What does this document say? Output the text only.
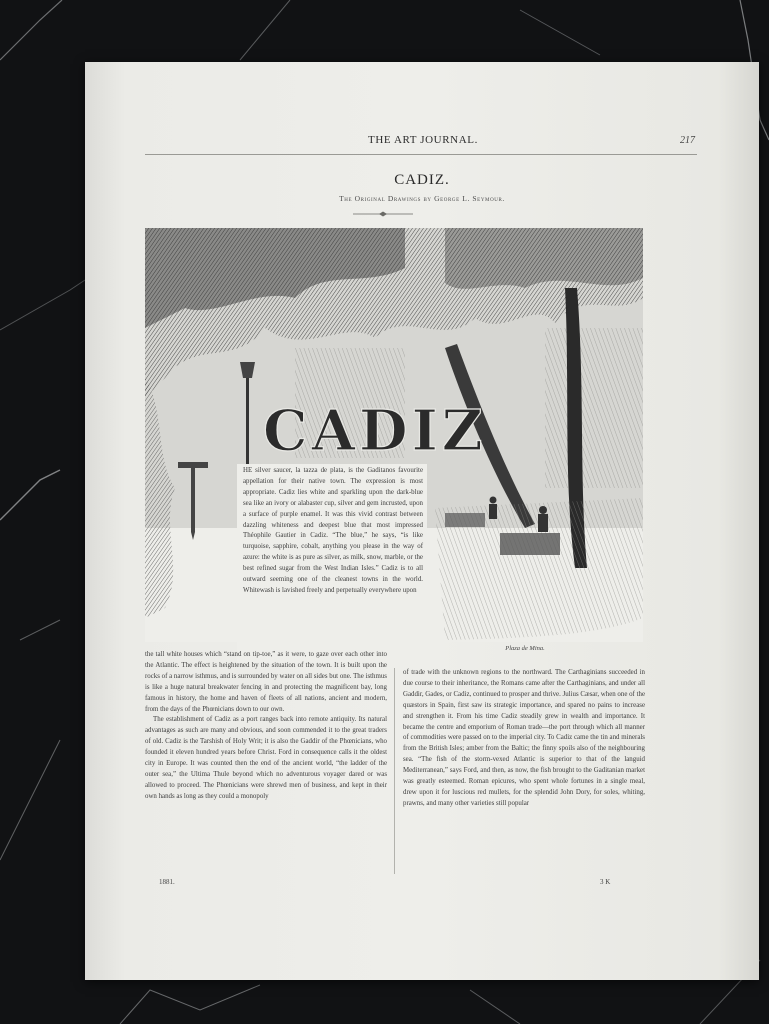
THE ART JOURNAL.	217
CADIZ.
The Original Drawings by George L. Seymour.
CADIZ
Plaza de Mina.
T
HE silver saucer, la tazza de plata, is the Gaditanos favourite appellation for their native town. The expression is most appropriate. Cadiz lies white and sparkling upon the dark-blue sea like an ivory or alabaster cup, silver and gem incrusted, upon a surface of purple enamel. It was this vivid contrast between dazzling whiteness and deepest blue that most impressed Théophile Gautier in Cadiz. “The blue,” he says, “is like turquoise, sapphire, cobalt, anything you please in the way of azure: the white is as pure as silver, as milk, snow, marble, or the best refined sugar from the West Indian Isles.” Cadiz is to all outward seeming one of the cleanest towns in the world. Whitewash is lavished freely and perpetually everywhere upon

the tall white houses which “stand on tip-toe,” as it were, to gaze over each other into the Atlantic. The effect is heightened by the situation of the town. It is built upon the rocks of a narrow isthmus, and is surrounded by water on all sides but one. The isthmus is like a huge natural breakwater fencing in and protecting the magnificent bay, long famous in history, the home and haven of fleets of all nations, ancient and modern, from the days of the Phœnicians down to our own.

The establishment of Cadiz as a port ranges back into remote antiquity. Its natural advantages as such are many and obvious, and soon commended it to the great traders of old. Cadiz is the Tarshish of Holy Writ; it is also the Gaddir of the Phœnicians, who founded it eleven hundred years before Christ. Ford in consequence calls it the oldest city in Europe. It was counted then the end of the ancient world, “the ladder of the outer sea,” the Ultima Thule beyond which no adventurous voyager dared or was allowed to proceed. The Phœnicians were shrewd men of business, and kept in their own hands as long as they could a monopoly

of trade with the unknown regions to the northward. The Carthaginians succeeded in due course to their inheritance, the Romans came after the Carthaginians, and under all Gaddir, Gades, or Cadiz, continued to prosper and thrive. Julius Cæsar, when one of the quæstors in Spain, first saw its strategic importance, and spared no pains to increase and strengthen it. From his time Cadiz steadily grew in wealth and importance. It became the centre and emporium of Roman trade—the port through which all manner of commodities were passed on to the imperial city. To Cadiz came the tin and minerals from the British Isles; amber from the Baltic; the finny spoils also of the neighbouring sea. “The fish of the storm-vexed Atlantic is superior to that of the languid Mediterranean,” says Ford, and then, as now, the fish brought to the Gaditanian market was greatly esteemed. Roman epicures, who spent whole fortunes in a single meal, drew upon it for luscious red mullets, for the splendid John Dory, for soles, whiting, prawns, and many other varieties still popular

1881.	3 K
